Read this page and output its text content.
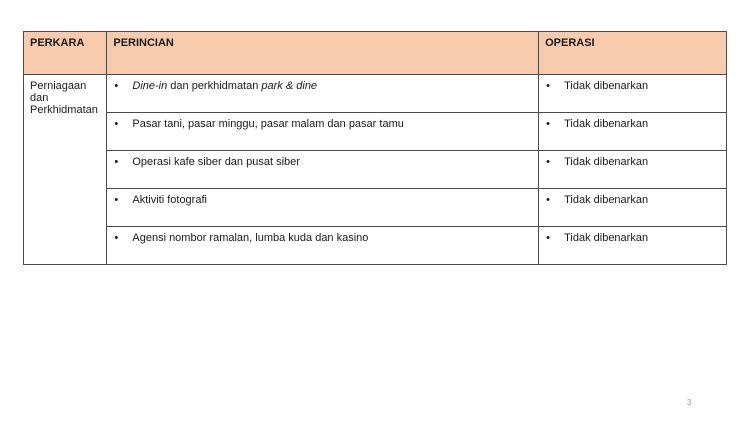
PERKARA	PERINCIAN	OPERASI
Perniagaan dan Perkhidmatan	• Dine-in dan perkhidmatan park & dine	• Tidak dibenarkan
	• Pasar tani, pasar minggu, pasar malam dan pasar tamu	• Tidak dibenarkan
	• Operasi kafe siber dan pusat siber	• Tidak dibenarkan
	• Aktiviti fotografi	• Tidak dibenarkan
	• Agensi nombor ramalan, lumba kuda dan kasino	• Tidak dibenarkan
3
